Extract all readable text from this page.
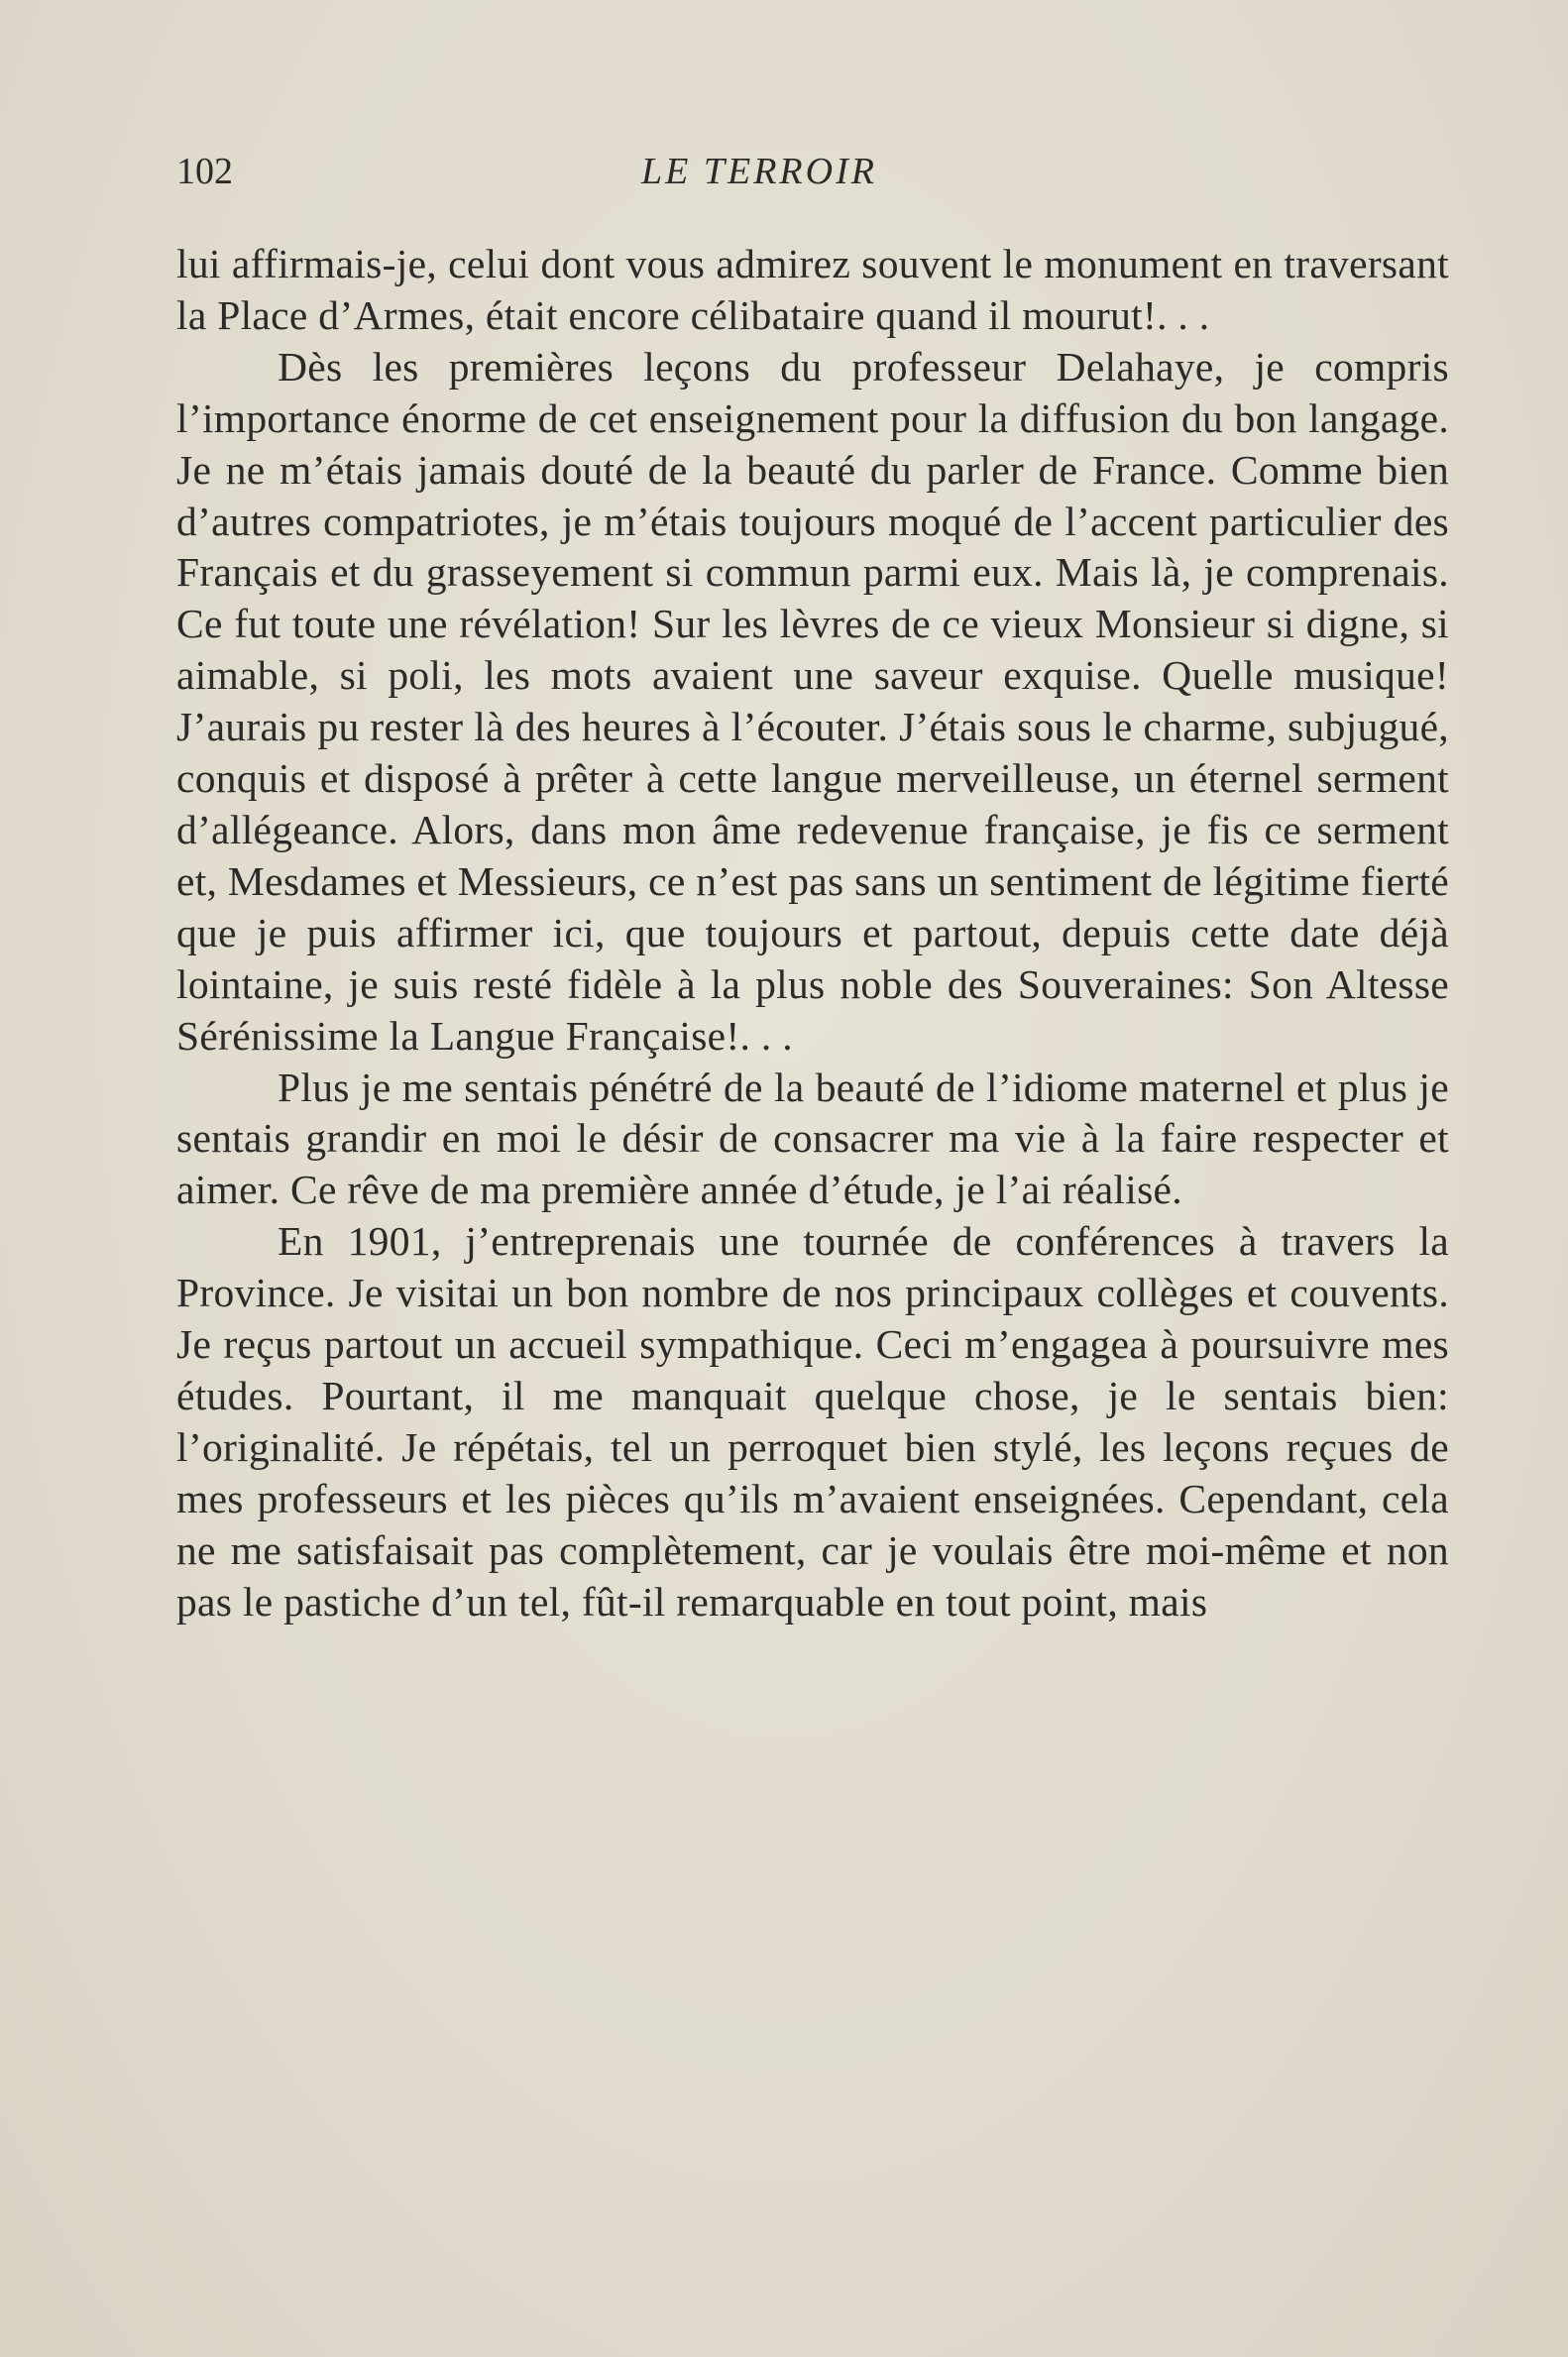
102	LE TERROIR

lui affirmais-je, celui dont vous admirez souvent le monument en traversant la Place d’Armes, était encore célibataire quand il mourut!. . .

Dès les premières leçons du professeur Delahaye, je compris l’importance énorme de cet enseignement pour la diffusion du bon langage. Je ne m’étais jamais douté de la beauté du parler de France. Comme bien d’autres compatriotes, je m’étais toujours moqué de l’accent particulier des Français et du grasseyement si commun parmi eux. Mais là, je comprenais. Ce fut toute une révélation! Sur les lèvres de ce vieux Monsieur si digne, si aimable, si poli, les mots avaient une saveur exquise. Quelle musique! J’aurais pu rester là des heures à l’écouter. J’étais sous le charme, subjugué, conquis et disposé à prêter à cette langue merveilleuse, un éternel serment d’allégeance. Alors, dans mon âme redevenue française, je fis ce serment et, Mesdames et Messieurs, ce n’est pas sans un sentiment de légitime fierté que je puis affirmer ici, que toujours et partout, depuis cette date déjà lointaine, je suis resté fidèle à la plus noble des Souveraines: Son Altesse Sérénissime la Langue Française!. . .

Plus je me sentais pénétré de la beauté de l’idiome maternel et plus je sentais grandir en moi le désir de consacrer ma vie à la faire respecter et aimer. Ce rêve de ma première année d’étude, je l’ai réalisé.

En 1901, j’entreprenais une tournée de conférences à travers la Province. Je visitai un bon nombre de nos principaux collèges et couvents. Je reçus partout un accueil sympathique. Ceci m’engagea à poursuivre mes études. Pourtant, il me manquait quelque chose, je le sentais bien: l’originalité. Je répétais, tel un perroquet bien stylé, les leçons reçues de mes professeurs et les pièces qu’ils m’avaient enseignées. Cependant, cela ne me satisfaisait pas complètement, car je voulais être moi-même et non pas le pastiche d’un tel, fût-il remarquable en tout point, mais
